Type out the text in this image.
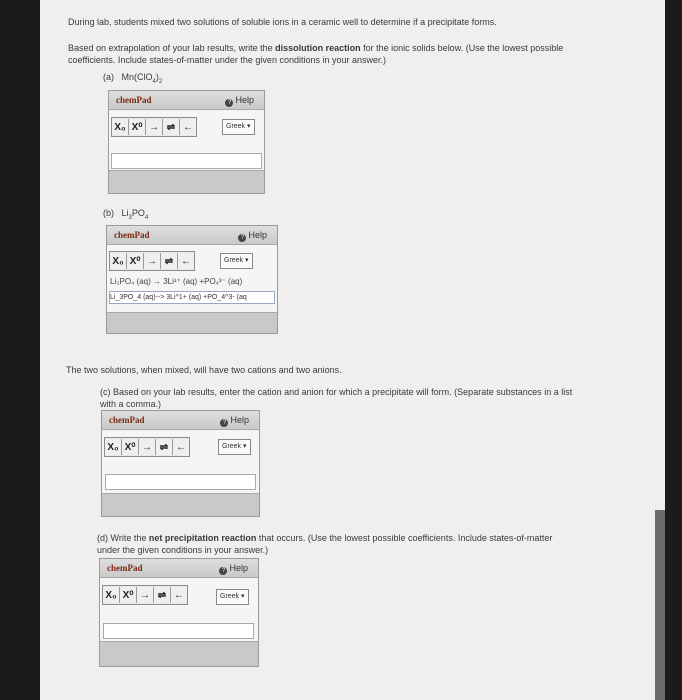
During lab, students mixed two solutions of soluble ions in a ceramic well to determine if a precipitate forms.
Based on extrapolation of your lab results, write the dissolution reaction for the ionic solids below. (Use the lowest possible
coefficients. Include states-of-matter under the given conditions in your answer.)
(a) $Mn(ClO_4)_2$
chemPad	? Help
X₀ X⁰ → ⇌ ←	Greek ▾
(b) $Li_3PO_4$
chemPad	? Help
X₀ X⁰ → ⇌ ←	Greek ▾
Li₃PO₄ (aq) → 3Li¹⁺ (aq) +PO₄³⁻ (aq)
Li_3PO_4 (aq)--> 3Li^1+ (aq) +PO_4^3- (aq
The two solutions, when mixed, will have two cations and two anions.
(c) Based on your lab results, enter the cation and anion for which a precipitate will form. (Separate substances in a list
with a comma.)
chemPad	? Help
X₀ X⁰ → ⇌ ←	Greek ▾
(d) Write the net precipitation reaction that occurs. (Use the lowest possible coefficients. Include states-of-matter
under the given conditions in your answer.)
chemPad	? Help
X₀ X⁰ → ⇌ ←	Greek ▾
